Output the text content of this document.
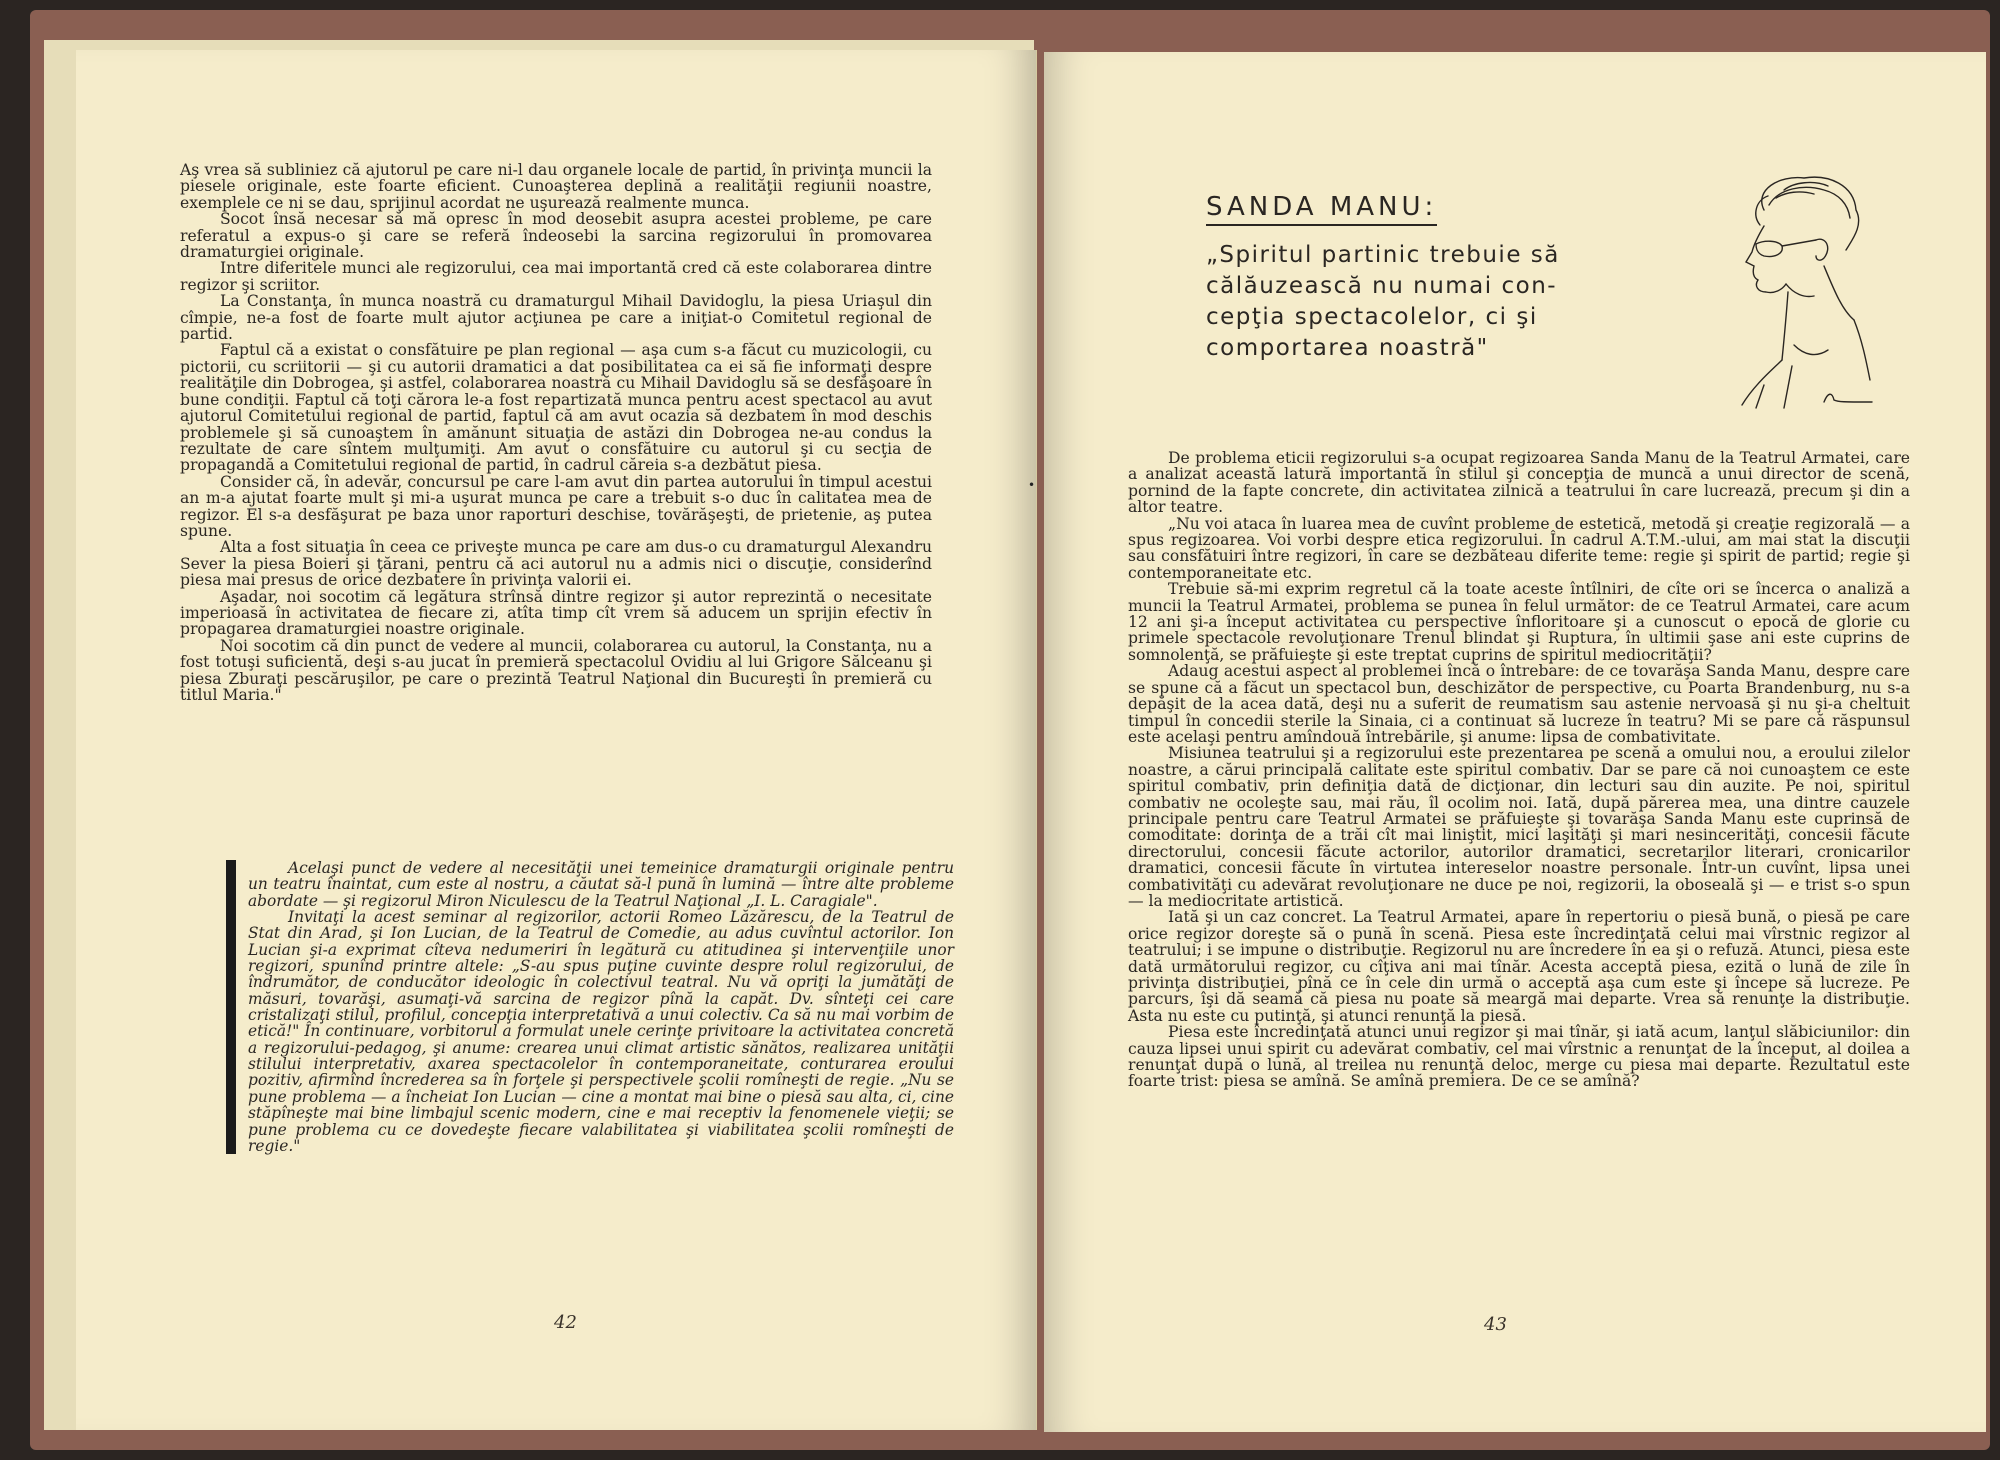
Aş vrea să subliniez că ajutorul pe care ni-l dau organele locale de partid, în privinţa muncii la piesele originale, este foarte eficient. Cunoaşterea deplină a realităţii regiunii noastre, exemplele ce ni se dau, sprijinul acordat ne uşurează realmente munca.

Socot însă necesar să mă opresc în mod deosebit asupra acestei probleme, pe care referatul a expus-o şi care se referă îndeosebi la sarcina regizorului în promovarea dramaturgiei originale.

Intre diferitele munci ale regizorului, cea mai importantă cred că este colaborarea dintre regizor şi scriitor.

La Constanţa, în munca noastră cu dramaturgul Mihail Davidoglu, la piesa Uriaşul din cîmpie, ne-a fost de foarte mult ajutor acţiunea pe care a iniţiat-o Comitetul regional de partid.

Faptul că a existat o consfătuire pe plan regional — aşa cum s-a făcut cu muzicologii, cu pictorii, cu scriitorii — şi cu autorii dramatici a dat posibilitatea ca ei să fie informaţi despre realităţile din Dobrogea, şi astfel, colaborarea noastră cu Mihail Davidoglu să se desfăşoare în bune condiţii. Faptul că toţi cărora le-a fost repartizată munca pentru acest spectacol au avut ajutorul Comitetului regional de partid, faptul că am avut ocazia să dezbatem în mod deschis problemele şi să cunoaştem în amănunt situaţia de astăzi din Dobrogea ne-au condus la rezultate de care sîntem mulţumiţi. Am avut o consfătuire cu autorul şi cu secţia de propagandă a Comitetului regional de partid, în cadrul căreia s-a dezbătut piesa.

Consider că, în adevăr, concursul pe care l-am avut din partea autorului în timpul acestui an m-a ajutat foarte mult şi mi-a uşurat munca pe care a trebuit s-o duc în calitatea mea de regizor. El s-a desfăşurat pe baza unor raporturi deschise, tovărăşeşti, de prietenie, aş putea spune.

Alta a fost situaţia în ceea ce priveşte munca pe care am dus-o cu dramaturgul Alexandru Sever la piesa Boieri şi ţărani, pentru că aci autorul nu a admis nici o discuţie, considerînd piesa mai presus de orice dezbatere în privinţa valorii ei.

Aşadar, noi socotim că legătura strînsă dintre regizor şi autor reprezintă o necesitate imperioasă în activitatea de fiecare zi, atîta timp cît vrem să aducem un sprijin efectiv în propagarea dramaturgiei noastre originale.

Noi socotim că din punct de vedere al muncii, colaborarea cu autorul, la Constanţa, nu a fost totuşi suficientă, deşi s-au jucat în premieră spectacolul Ovidiu al lui Grigore Sălceanu şi piesa Zburaţi pescăruşilor, pe care o prezintă Teatrul Naţional din Bucureşti în premieră cu titlul Maria."

Acelaşi punct de vedere al necesităţii unei temeinice dramaturgii originale pentru un teatru înaintat, cum este al nostru, a căutat să-l pună în lumină — între alte probleme abordate — şi regizorul Miron Niculescu de la Teatrul Naţional „I. L. Caragiale".

Invitaţi la acest seminar al regizorilor, actorii Romeo Lăzărescu, de la Teatrul de Stat din Arad, şi Ion Lucian, de la Teatrul de Comedie, au adus cuvîntul actorilor. Ion Lucian şi-a exprimat cîteva nedumeriri în legătură cu atitudinea şi intervenţiile unor regizori, spunînd printre altele: „S-au spus puţine cuvinte despre rolul regizorului, de îndrumător, de conducător ideologic în colectivul teatral. Nu vă opriţi la jumătăţi de măsuri, tovarăşi, asumaţi-vă sarcina de regizor pînă la capăt. Dv. sînteţi cei care cristalizaţi stilul, profilul, concepţia interpretativă a unui colectiv. Ca să nu mai vorbim de etică!" În continuare, vorbitorul a formulat unele cerinţe privitoare la activitatea concretă a regizorului-pedagog, şi anume: crearea unui climat artistic sănătos, realizarea unităţii stilului interpretativ, axarea spectacolelor în contemporaneitate, conturarea eroului pozitiv, afirmînd încrederea sa în forţele şi perspectivele şcolii romîneşti de regie. „Nu se pune problema — a încheiat Ion Lucian — cine a montat mai bine o piesă sau alta, ci, cine stăpîneşte mai bine limbajul scenic modern, cine e mai receptiv la fenomenele vieţii; se pune problema cu ce dovedeşte fiecare valabilitatea şi viabilitatea şcolii romîneşti de regie."

42
•
SANDA MANU:
„Spiritul partinic trebuie să
călăuzească nu numai con-
cepţia spectacolelor, ci şi
comportarea noastră"

De problema eticii regizorului s-a ocupat regizoarea Sanda Manu de la Teatrul Armatei, care a analizat această latură importantă în stilul şi concepţia de muncă a unui director de scenă, pornind de la fapte concrete, din activitatea zilnică a teatrului în care lucrează, precum şi din a altor teatre.

„Nu voi ataca în luarea mea de cuvînt probleme de estetică, metodă şi creaţie regizorală — a spus regizoarea. Voi vorbi despre etica regizorului. În cadrul A.T.M.-ului, am mai stat la discuţii sau consfătuiri între regizori, în care se dezbăteau diferite teme: regie şi spirit de partid; regie şi contemporaneitate etc.

Trebuie să-mi exprim regretul că la toate aceste întîlniri, de cîte ori se încerca o analiză a muncii la Teatrul Armatei, problema se punea în felul următor: de ce Teatrul Armatei, care acum 12 ani şi-a început activitatea cu perspective înfloritoare şi a cunoscut o epocă de glorie cu primele spectacole revoluţionare Trenul blindat şi Ruptura, în ultimii şase ani este cuprins de somnolenţă, se prăfuieşte şi este treptat cuprins de spiritul mediocrităţii?

Adaug acestui aspect al problemei încă o întrebare: de ce tovarăşa Sanda Manu, despre care se spune că a făcut un spectacol bun, deschizător de perspective, cu Poarta Brandenburg, nu s-a depăşit de la acea dată, deşi nu a suferit de reumatism sau astenie nervoasă şi nu şi-a cheltuit timpul în concedii sterile la Sinaia, ci a continuat să lucreze în teatru? Mi se pare că răspunsul este acelaşi pentru amîndouă întrebările, şi anume: lipsa de combativitate.

Misiunea teatrului şi a regizorului este prezentarea pe scenă a omului nou, a eroului zilelor noastre, a cărui principală calitate este spiritul combativ. Dar se pare că noi cunoaştem ce este spiritul combativ, prin definiţia dată de dicţionar, din lecturi sau din auzite. Pe noi, spiritul combativ ne ocoleşte sau, mai rău, îl ocolim noi. Iată, după părerea mea, una dintre cauzele principale pentru care Teatrul Armatei se prăfuieşte şi tovarăşa Sanda Manu este cuprinsă de comoditate: dorinţa de a trăi cît mai liniştit, mici laşităţi şi mari nesincerităţi, concesii făcute directorului, concesii făcute actorilor, autorilor dramatici, secretarilor literari, cronicarilor dramatici, concesii făcute în virtutea intereselor noastre personale. Într-un cuvînt, lipsa unei combativităţi cu adevărat revoluţionare ne duce pe noi, regizorii, la oboseală şi — e trist s-o spun — la mediocritate artistică.

Iată şi un caz concret. La Teatrul Armatei, apare în repertoriu o piesă bună, o piesă pe care orice regizor doreşte să o pună în scenă. Piesa este încredinţată celui mai vîrstnic regizor al teatrului; i se impune o distribuţie. Regizorul nu are încredere în ea şi o refuză. Atunci, piesa este dată următorului regizor, cu cîţiva ani mai tînăr. Acesta acceptă piesa, ezită o lună de zile în privinţa distribuţiei, pînă ce în cele din urmă o acceptă aşa cum este şi începe să lucreze. Pe parcurs, îşi dă seamă că piesa nu poate să meargă mai departe. Vrea să renunţe la distribuţie. Asta nu este cu putinţă, şi atunci renunţă la piesă.

Piesa este încredinţată atunci unui regizor şi mai tînăr, şi iată acum, lanţul slăbiciunilor: din cauza lipsei unui spirit cu adevărat combativ, cel mai vîrstnic a renunţat de la început, al doilea a renunţat după o lună, al treilea nu renunţă deloc, merge cu piesa mai departe. Rezultatul este foarte trist: piesa se amînă. Se amînă premiera. De ce se amînă?

43
